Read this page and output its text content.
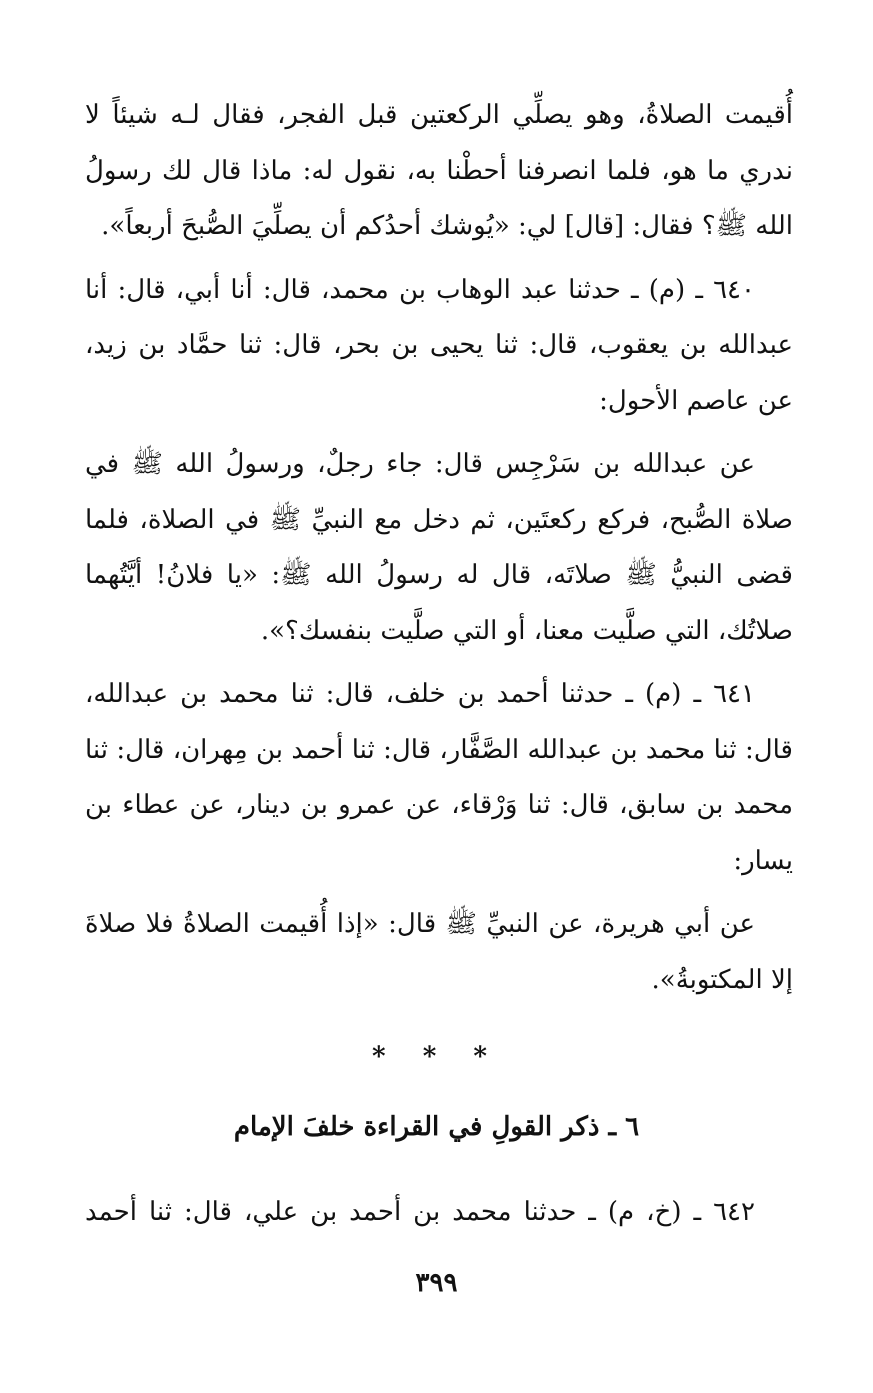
أُقيمت الصلاةُ، وهو يصلِّي الركعتين قبل الفجر، فقال لـه شيئاً لا ندري ما هو، فلما انصرفنا أحطْنا به، نقول له: ماذا قال لك رسولُ الله ﷺ؟ فقال: [قال] لي: «يُوشك أحدُكم أن يصلِّيَ الصُّبحَ أربعاً».

٦٤٠ ـ (م) ـ حدثنا عبد الوهاب بن محمد، قال: أنا أبي، قال: أنا عبدالله بن يعقوب، قال: ثنا يحيى بن بحر، قال: ثنا حمَّاد بن زيد، عن عاصم الأحول:

عن عبدالله بن سَرْجِس قال: جاء رجلٌ، ورسولُ الله ﷺ في صلاة الصُّبح، فركع ركعتَين، ثم دخل مع النبيِّ ﷺ في الصلاة، فلما قضى النبيُّ ﷺ صلاتَه، قال له رسولُ الله ﷺ: «يا فلانُ! أيَّتُهما صلاتُك، التي صلَّيت معنا، أو التي صلَّيت بنفسك؟».

٦٤١ ـ (م) ـ حدثنا أحمد بن خلف، قال: ثنا محمد بن عبدالله، قال: ثنا محمد بن عبدالله الصَّفَّار، قال: ثنا أحمد بن مِهران، قال: ثنا محمد بن سابق، قال: ثنا وَرْقاء، عن عمرو بن دينار، عن عطاء بن يسار:

عن أبي هريرة، عن النبيِّ ﷺ قال: «إذا أُقيمت الصلاةُ فلا صلاةَ إلا المكتوبةُ».

* * *
٦ ـ ذكر القولِ في القراءة خلفَ الإمام
٦٤٢ ـ (خ، م) ـ حدثنا محمد بن أحمد بن علي، قال: ثنا أحمد
٣٩٩
